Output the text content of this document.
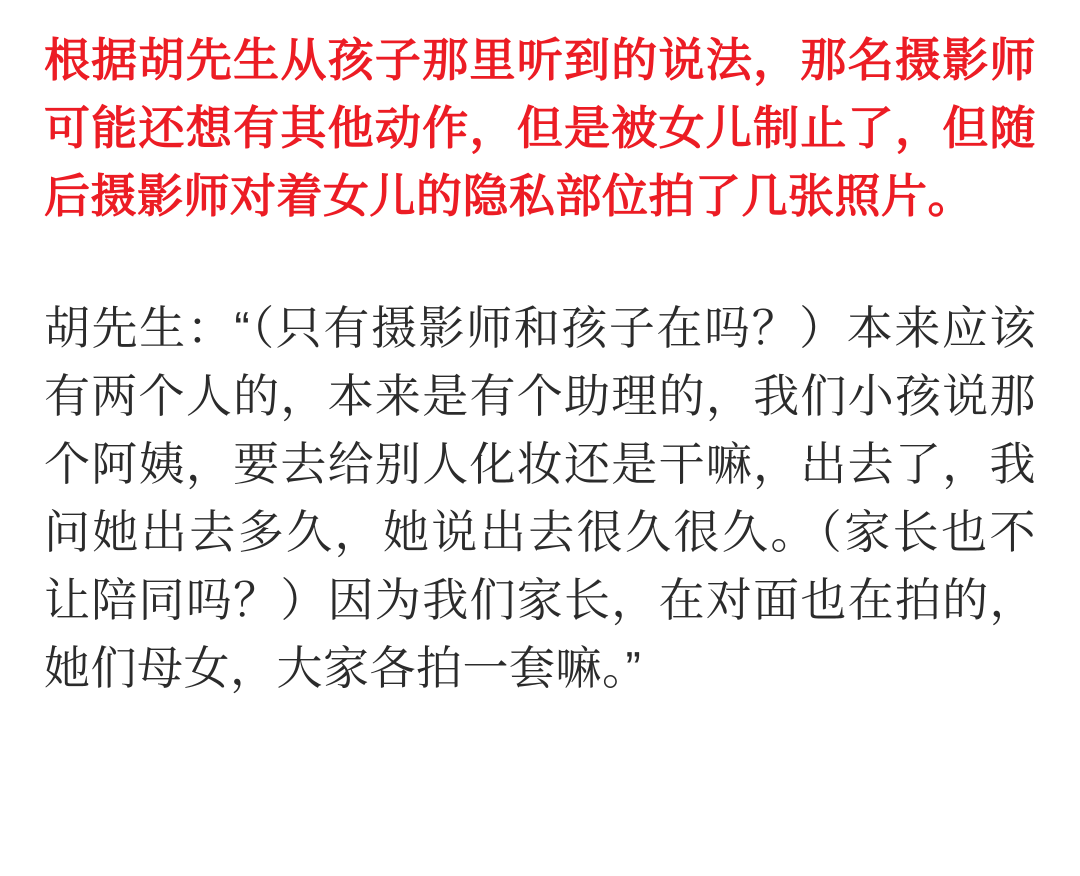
根据胡先生从孩子那里听到的说法，那名摄影师可能还想有其他动作，但是被女儿制止了，但随后摄影师对着女儿的隐私部位拍了几张照片。

胡先生：“（只有摄影师和孩子在吗？）本来应该有两个人的，本来是有个助理的，我们小孩说那个阿姨，要去给别人化妆还是干嘛，出去了，我问她出去多久，她说出去很久很久。（家长也不让陪同吗？）因为我们家长，在对面也在拍的，她们母女，大家各拍一套嘛。”
